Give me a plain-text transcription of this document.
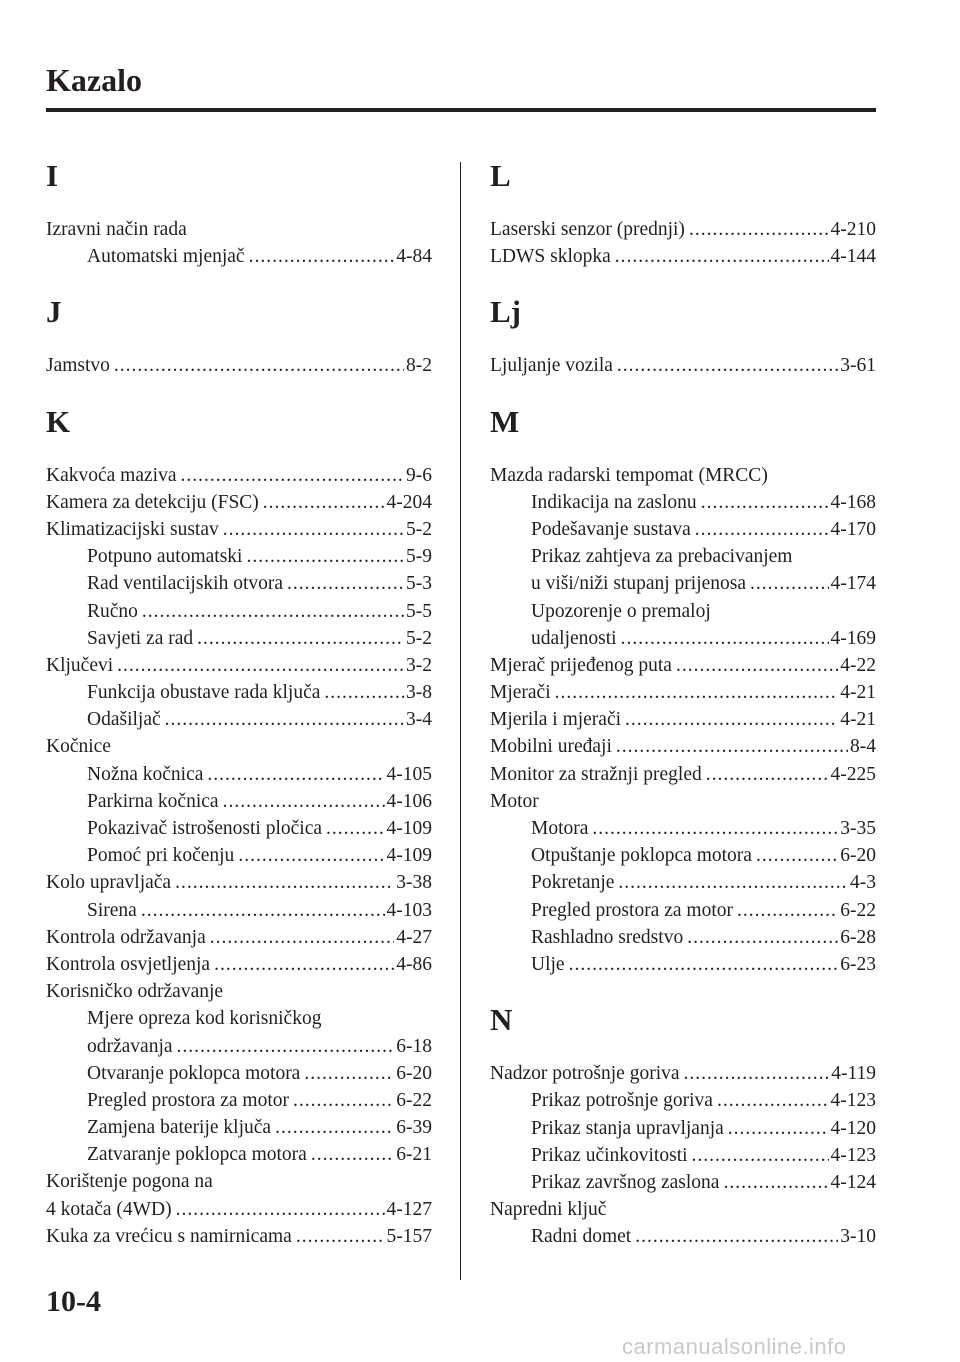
Kazalo
I
Izravni način rada
Automatski mjenjač .....	4-84
J
Jamstvo .....	8-2
K
Kakvoća maziva .....	9-6
Kamera za detekciju (FSC) .....	4-204
Klimatizacijski sustav .....	5-2
Potpuno automatski .....	5-9
Rad ventilacijskih otvora .....	5-3
Ručno .....	5-5
Savjeti za rad .....	5-2
Ključevi .....	3-2
Funkcija obustave rada ključa .....	3-8
Odašiljač .....	3-4
Kočnice
Nožna kočnica .....	4-105
Parkirna kočnica .....	4-106
Pokazivač istrošenosti pločica .....	4-109
Pomoć pri kočenju .....	4-109
Kolo upravljača .....	3-38
Sirena .....	4-103
Kontrola održavanja .....	4-27
Kontrola osvjetljenja .....	4-86
Korisničko održavanje
Mjere opreza kod korisničkog
održavanja .....	6-18
Otvaranje poklopca motora .....	6-20
Pregled prostora za motor .....	6-22
Zamjena baterije ključa .....	6-39
Zatvaranje poklopca motora .....	6-21
Korištenje pogona na
4 kotača (4WD) .....	4-127
Kuka za vrećicu s namirnicama .....	5-157
L
Laserski senzor (prednji) .....	4-210
LDWS sklopka .....	4-144
Lj
Ljuljanje vozila .....	3-61
M
Mazda radarski tempomat (MRCC)
Indikacija na zaslonu .....	4-168
Podešavanje sustava .....	4-170
Prikaz zahtjeva za prebacivanjem
u viši/niži stupanj prijenosa .....	4-174
Upozorenje o premaloj
udaljenosti .....	4-169
Mjerač prijeđenog puta .....	4-22
Mjerači .....	4-21
Mjerila i mjerači .....	4-21
Mobilni uređaji .....	8-4
Monitor za stražnji pregled .....	4-225
Motor
Motora .....	3-35
Otpuštanje poklopca motora .....	6-20
Pokretanje .....	4-3
Pregled prostora za motor .....	6-22
Rashladno sredstvo .....	6-28
Ulje .....	6-23
N
Nadzor potrošnje goriva .....	4-119
Prikaz potrošnje goriva .....	4-123
Prikaz stanja upravljanja .....	4-120
Prikaz učinkovitosti .....	4-123
Prikaz završnog zaslona .....	4-124
Napredni ključ
Radni domet .....	3-10
10-4
carmanualsonline.info
